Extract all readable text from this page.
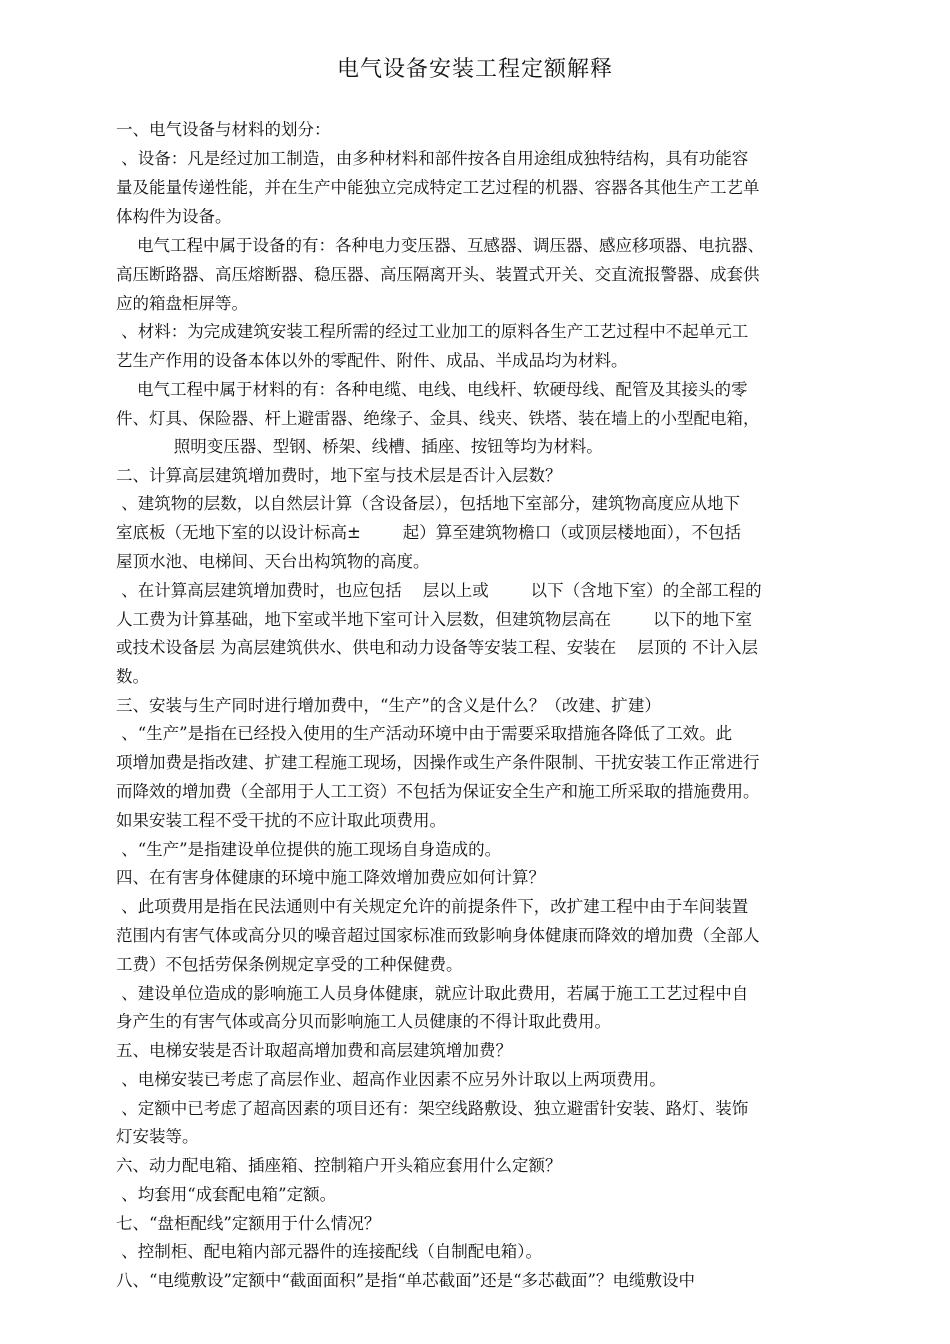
电气设备安装工程定额解释
一、电气设备与材料的划分：
、设备：凡是经过加工制造，由多种材料和部件按各自用途组成独特结构，具有功能容
量及能量传递性能，并在生产中能独立完成特定工艺过程的机器、容器各其他生产工艺单
体构件为设备。
电气工程中属于设备的有：各种电力变压器、互感器、调压器、感应移项器、电抗器、
高压断路器、高压熔断器、稳压器、高压隔离开头、装置式开关、交直流报警器、成套供
应的箱盘柜屏等。
、材料：为完成建筑安装工程所需的经过工业加工的原料各生产工艺过程中不起单元工
艺生产作用的设备本体以外的零配件、附件、成品、半成品均为材料。
电气工程中属于材料的有：各种电缆、电线、电线杆、软硬母线、配管及其接头的零
件、灯具、保险器、杆上避雷器、绝缘子、金具、线夹、铁塔、装在墙上的小型配电箱，
照明变压器、型钢、桥架、线槽、插座、按钮等均为材料。
二、计算高层建筑增加费时，地下室与技术层是否计入层数？
、建筑物的层数，以自然层计算（含设备层），包括地下室部分，建筑物高度应从地下
室底板（无地下室的以设计标高±        起）算至建筑物檐口（或顶层楼地面），不包括
屋顶水池、电梯间、天台出构筑物的高度。
、在计算高层建筑增加费时，也应包括    层以上或        以下（含地下室）的全部工程的
人工费为计算基础，地下室或半地下室可计入层数，但建筑物层高在        以下的地下室
或技术设备层 为高层建筑供水、供电和动力设备等安装工程、安装在    层顶的 不计入层
数。
三、安装与生产同时进行增加费中，“生产”的含义是什么？（改建、扩建）
、“生产”是指在已经投入使用的生产活动环境中由于需要采取措施各降低了工效。此
项增加费是指改建、扩建工程施工现场，因操作或生产条件限制、干扰安装工作正常进行
而降效的增加费（全部用于人工工资）不包括为保证安全生产和施工所采取的措施费用。
如果安装工程不受干扰的不应计取此项费用。
、“生产”是指建设单位提供的施工现场自身造成的。
四、在有害身体健康的环境中施工降效增加费应如何计算？
、此项费用是指在民法通则中有关规定允许的前提条件下，改扩建工程中由于车间装置
范围内有害气体或高分贝的噪音超过国家标准而致影响身体健康而降效的增加费（全部人
工费）不包括劳保条例规定享受的工种保健费。
、建设单位造成的影响施工人员身体健康，就应计取此费用，若属于施工工艺过程中自
身产生的有害气体或高分贝而影响施工人员健康的不得计取此费用。
五、电梯安装是否计取超高增加费和高层建筑增加费？
、电梯安装已考虑了高层作业、超高作业因素不应另外计取以上两项费用。
、定额中已考虑了超高因素的项目还有：架空线路敷设、独立避雷针安装、路灯、装饰
灯安装等。
六、动力配电箱、插座箱、控制箱户开头箱应套用什么定额？
、均套用“成套配电箱”定额。
七、“盘柜配线”定额用于什么情况？
、控制柜、配电箱内部元器件的连接配线（自制配电箱）。
八、“电缆敷设”定额中“截面面积”是指“单芯截面”还是“多芯截面”？电缆敷设中
